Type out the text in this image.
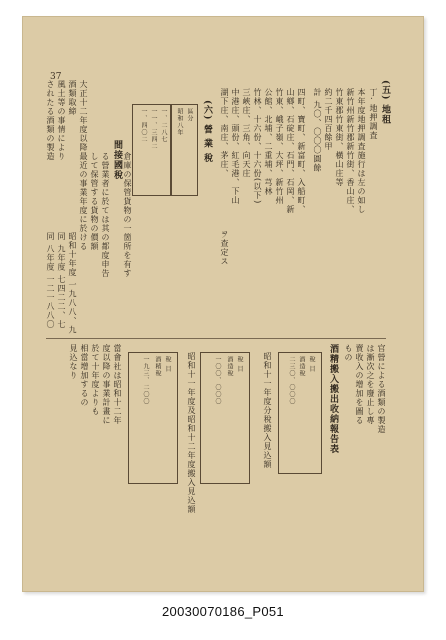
37
(五) 地租
丁. 地押調査
本年度地押調査施行は左の如し
新竹州新竹郡新竹街、香山庄、
竹東郡竹東街、橫山庄等
約二千四百餘甲
計 九〇、〇〇〇圓餘
四町、寶町、新富町、入船町、
山鄉、石碇庄、石門、石岡、新
竹東、峨子嶺、大坪、新竹州
公館、北埔、二重埔、芎林
竹林、十六份、十六份(以下)
三峽庄、三角、向天庄
中港庄、頭份、紅毛港、下山
湖下庄、南庄、茅庄、
ヲ查定ス
(六) 營 業 稅
區分
昭和八年
一、二八七
一一、三四二
一、四〇二
間接國稅 倉庫の保管貨物の一箇所を有す
る營業者に於ては其の都度申告
して保管する貨物の價額
最近の事業年度に於ける
昭和十年度 一九八八、九
同 九年度 七四二二、七
同 八年度 一二一八八〇
大正十二年度以降
酒類取締
風土等の事情により
されたる酒類の製造
官營による酒類の製造
は漸次之を廢止し專
賣收入の增加を圖る
もの
酒精搬入搬出收納報告表
稅 目
酒造稅
二三〇、〇〇〇
昭和十一年度分稅搬入見込額
稅 目
酒造稅
一〇〇、〇〇〇
昭和十一年度及昭和十二年度搬入見込額
稅 目
酒精稅
一九三、二〇〇
當會社は昭和十二年
度以降の事業計畫に
於て十年度よりも
相當增加するの
見込なり
20030070186_P051
